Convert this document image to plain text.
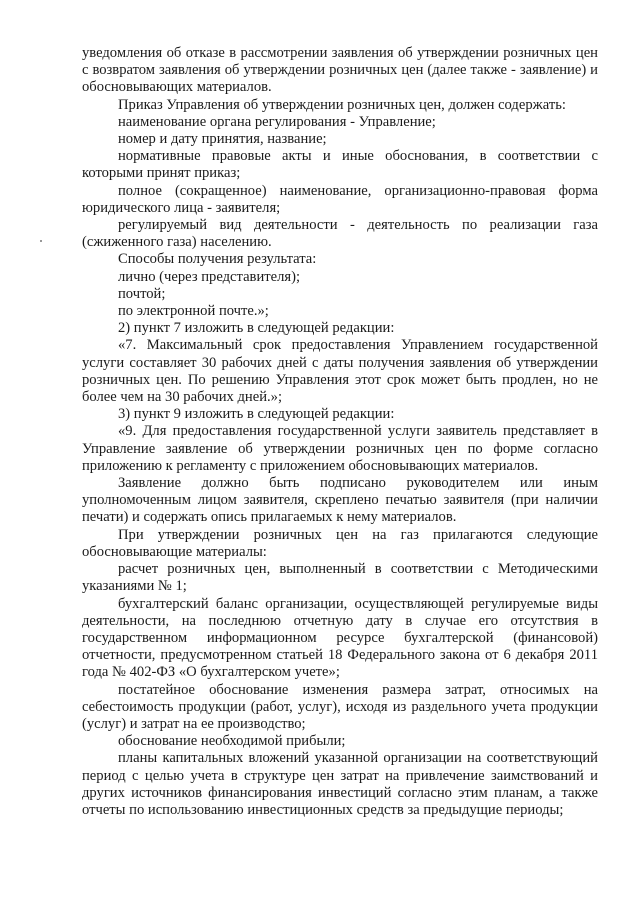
уведомления об отказе в рассмотрении заявления об утверждении розничных цен с возвратом заявления об утверждении розничных цен (далее также - заявление) и обосновывающих материалов.

Приказ Управления об утверждении розничных цен, должен содержать:

наименование органа регулирования - Управление;

номер и дату принятия, название;

нормативные правовые акты и иные обоснования, в соответствии с которыми принят приказ;

полное (сокращенное) наименование, организационно-правовая форма юридического лица - заявителя;

регулируемый вид деятельности - деятельность по реализации газа (сжиженного газа) населению.

Способы получения результата:

лично (через представителя);

почтой;

по электронной почте.»;

2) пункт 7 изложить в следующей редакции:

«7. Максимальный срок предоставления Управлением государственной услуги составляет 30 рабочих дней с даты получения заявления об утверждении розничных цен. По решению Управления этот срок может быть продлен, но не более чем на 30 рабочих дней.»;

3) пункт 9 изложить в следующей редакции:

«9. Для предоставления государственной услуги заявитель представляет в Управление заявление об утверждении розничных цен по форме согласно приложению к регламенту с приложением обосновывающих материалов.

Заявление должно быть подписано руководителем или иным уполномоченным лицом заявителя, скреплено печатью заявителя (при наличии печати) и содержать опись прилагаемых к нему материалов.

При утверждении розничных цен на газ прилагаются следующие обосновывающие материалы:

расчет розничных цен, выполненный в соответствии с Методическими указаниями № 1;

бухгалтерский баланс организации, осуществляющей регулируемые виды деятельности, на последнюю отчетную дату в случае его отсутствия в государственном информационном ресурсе бухгалтерской (финансовой) отчетности, предусмотренном статьей 18 Федерального закона от 6 декабря 2011 года № 402-ФЗ «О бухгалтерском учете»;

постатейное обоснование изменения размера затрат, относимых на себестоимость продукции (работ, услуг), исходя из раздельного учета продукции (услуг) и затрат на ее производство;

обоснование необходимой прибыли;

планы капитальных вложений указанной организации на соответствующий период с целью учета в структуре цен затрат на привлечение заимствований и других источников финансирования инвестиций согласно этим планам, а также отчеты по использованию инвестиционных средств за предыдущие периоды;
